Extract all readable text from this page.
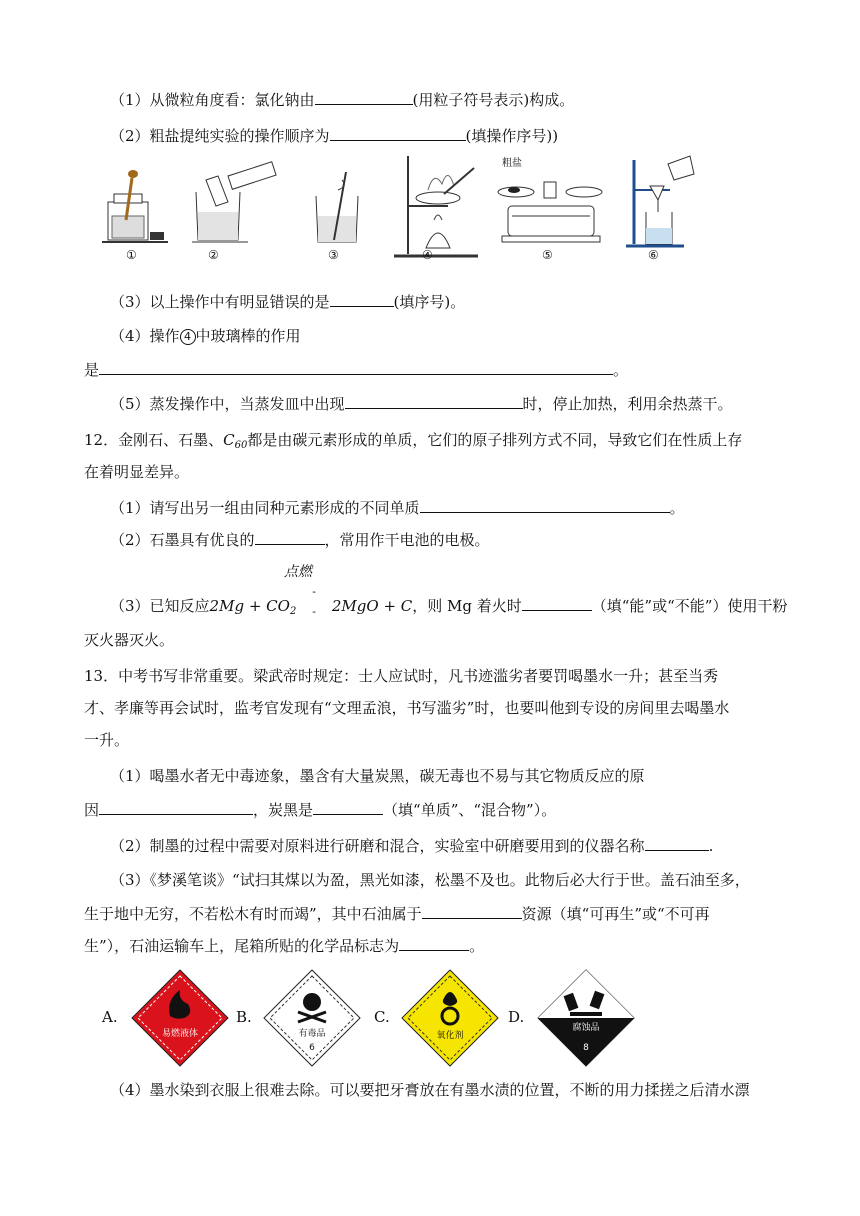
（1）从微粒角度看：氯化钠由	(用粒子符号表示)构成。
（2）粗盐提纯实验的操作顺序为	(填操作序号))
①	②	③	④
粗盐
⑤	⑥
（3）以上操作中有明显错误的是	(填序号)。
（4）操作 4 中玻璃棒的作用
是	。
（5）蒸发操作中，当蒸发皿中出现	时，停止加热，利用余热蒸干。
12．金刚石、石墨、$C_{60}$都是由碳元素形成的单质，它们的原子排列方式不同，导致它们在性质上存
在着明显差异。
（1）请写出另一组由同种元素形成的不同单质	。
（2）石墨具有优良的	，常用作干电池的电极。
点燃
（3）已知反应$2Mg + CO_2$ -
- 2MgO + C，则 Mg 着火时	（填“能”或“不能”）使用干粉
灭火器灭火。
13．中考书写非常重要。梁武帝时规定：士人应试时，凡书迹滥劣者要罚喝墨水一升；甚至当秀
才、孝廉等再会试时，监考官发现有“文理孟浪，书写滥劣”时，也要叫他到专设的房间里去喝墨水
一升。
（1）喝墨水者无中毒迹象，墨含有大量炭黑，碳无毒也不易与其它物质反应的原
因	，炭黑是	（填“单质”、“混合物”）。
（2）制墨的过程中需要对原料进行研磨和混合，实验室中研磨要用到的仪器名称	.
（3）《梦溪笔谈》“试扫其煤以为盈，黑光如漆，松墨不及也。此物后必大行于世。盖石油至多，
生于地中无穷，不若松木有时而竭”，其中石油属于	资源（填“可再生”或“不可再
生”），石油运输车上，尾箱所贴的化学品标志为	。
A.
易燃液体
B.
有毒品
6
C.
氧化剂
D.
腐蚀品
8
（4）墨水染到衣服上很难去除。可以要把牙膏放在有墨水渍的位置，不断的用力揉搓之后清水漂
